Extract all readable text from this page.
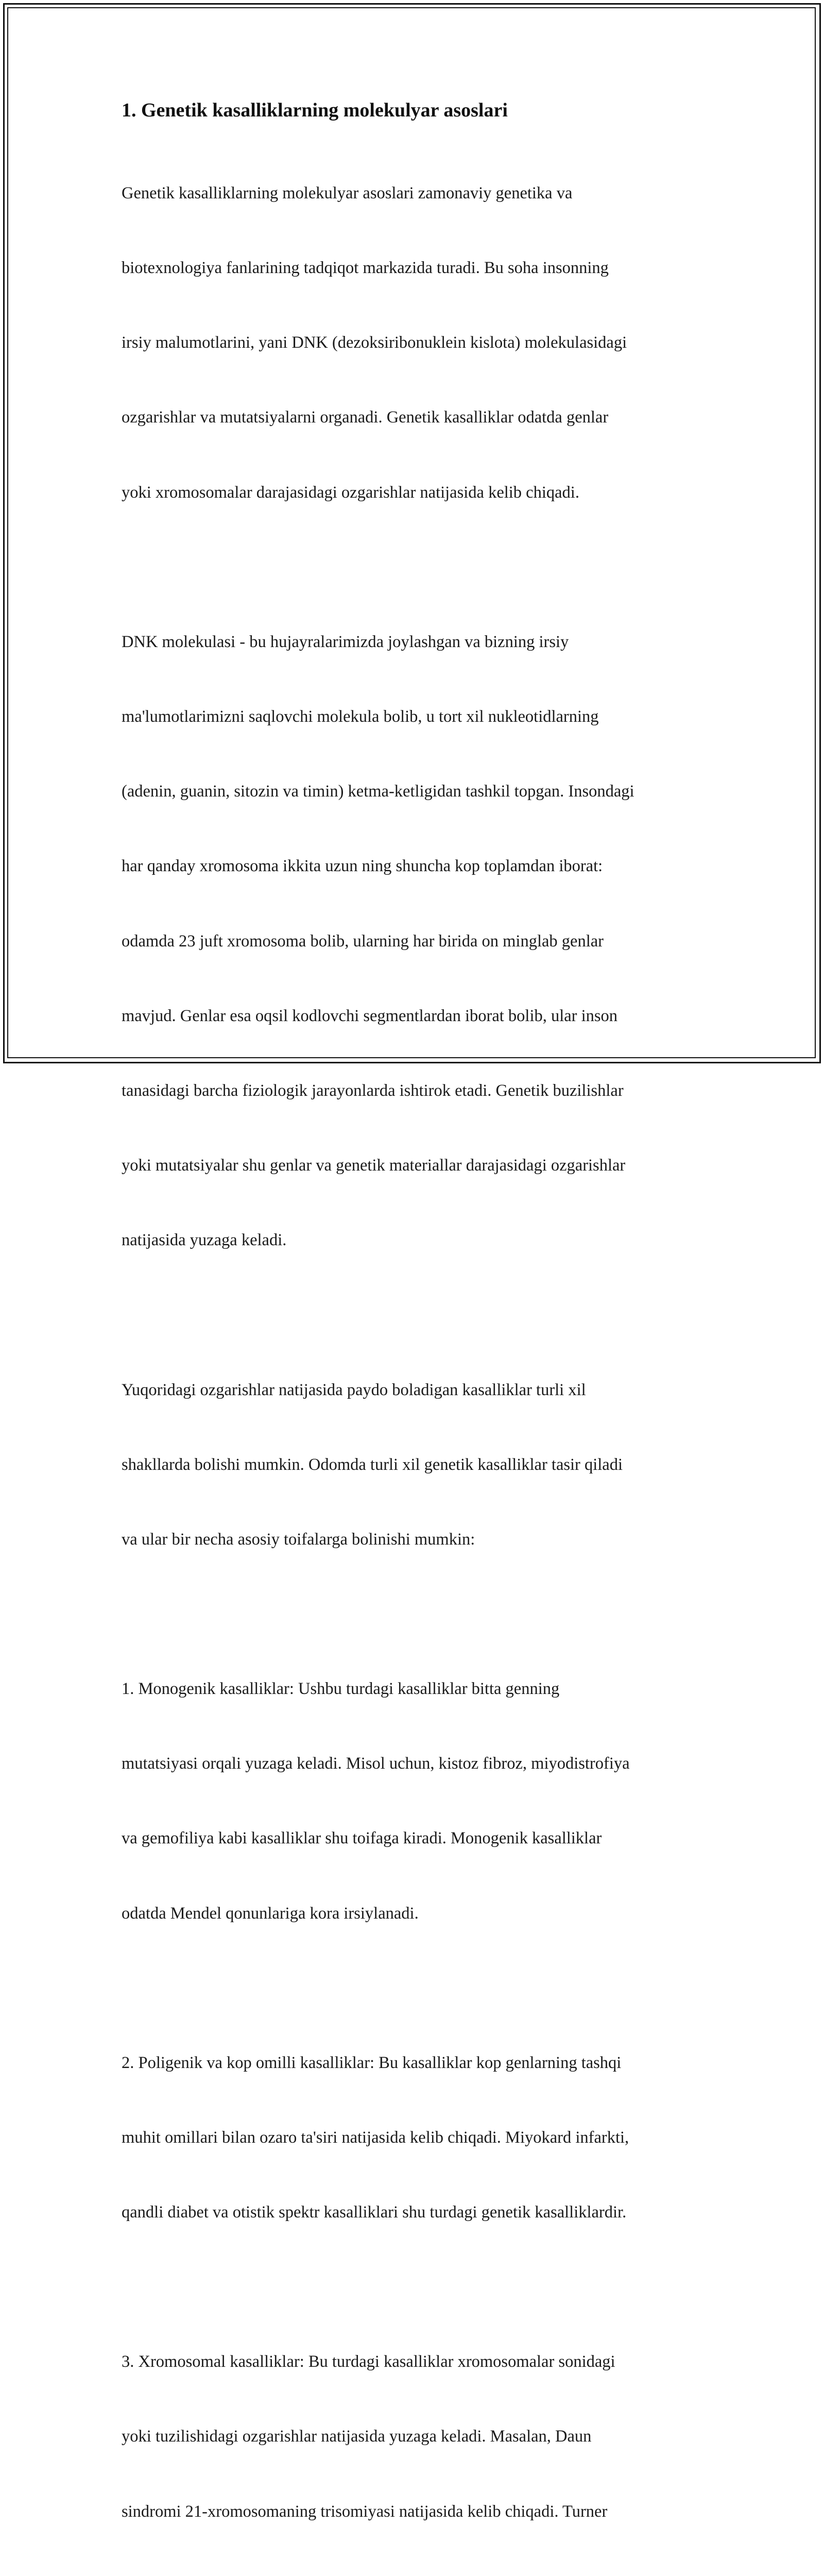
1. Genetik kasalliklarning molekulyar asoslari

Genetik kasalliklarning molekulyar asoslari zamonaviy genetika va

biotexnologiya fanlarining tadqiqot markazida turadi. Bu soha insonning

irsiy malumotlarini, yani DNK (dezoksiribonuklein kislota) molekulasidagi

ozgarishlar va mutatsiyalarni organadi. Genetik kasalliklar odatda genlar

yoki xromosomalar darajasidagi ozgarishlar natijasida kelib chiqadi.

DNK molekulasi - bu hujayralarimizda joylashgan va bizning irsiy

ma'lumotlarimizni saqlovchi molekula bolib, u tort xil nukleotidlarning

(adenin, guanin, sitozin va timin) ketma-ketligidan tashkil topgan. Insondagi

har qanday xromosoma ikkita uzun ning shuncha kop toplamdan iborat:

odamda 23 juft xromosoma bolib, ularning har birida on minglab genlar

mavjud. Genlar esa oqsil kodlovchi segmentlardan iborat bolib, ular inson

tanasidagi barcha fiziologik jarayonlarda ishtirok etadi. Genetik buzilishlar

yoki mutatsiyalar shu genlar va genetik materiallar darajasidagi ozgarishlar

natijasida yuzaga keladi.

Yuqoridagi ozgarishlar natijasida paydo boladigan kasalliklar turli xil

shakllarda bolishi mumkin. Odomda turli xil genetik kasalliklar tasir qiladi

va ular bir necha asosiy toifalarga bolinishi mumkin:

1. Monogenik kasalliklar: Ushbu turdagi kasalliklar bitta genning

mutatsiyasi orqali yuzaga keladi. Misol uchun, kistoz fibroz, miyodistrofiya

va gemofiliya kabi kasalliklar shu toifaga kiradi. Monogenik kasalliklar

odatda Mendel qonunlariga kora irsiylanadi.

2. Poligenik va kop omilli kasalliklar: Bu kasalliklar kop genlarning tashqi

muhit omillari bilan ozaro ta'siri natijasida kelib chiqadi. Miyokard infarkti,

qandli diabet va otistik spektr kasalliklari shu turdagi genetik kasalliklardir.

3. Xromosomal kasalliklar: Bu turdagi kasalliklar xromosomalar sonidagi

yoki tuzilishidagi ozgarishlar natijasida yuzaga keladi. Masalan, Daun

sindromi 21-xromosomaning trisomiyasi natijasida kelib chiqadi. Turner
